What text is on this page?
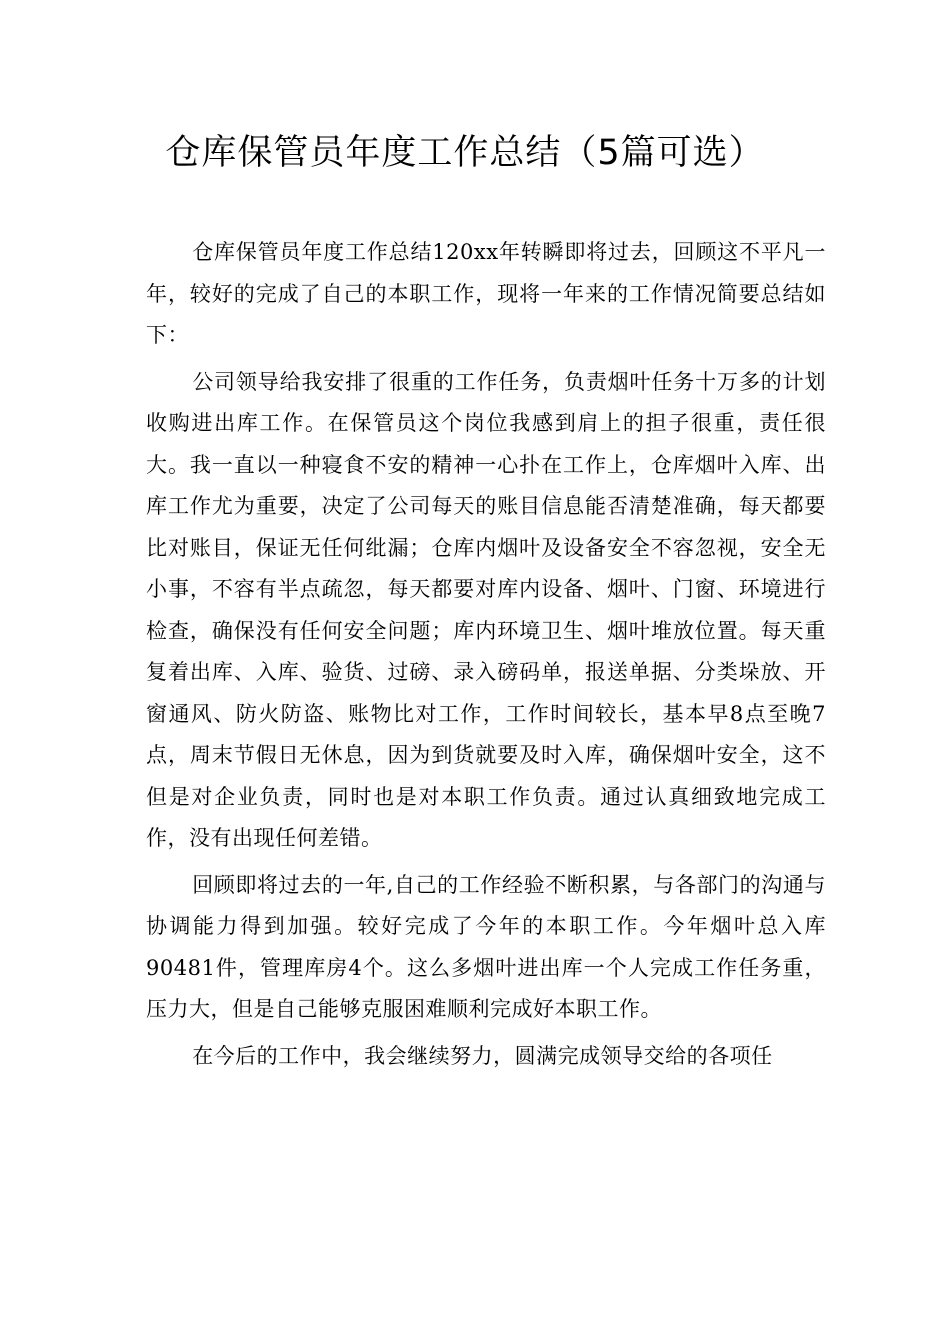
仓库保管员年度工作总结（5篇可选）

仓库保管员年度工作总结120xx年转瞬即将过去，回顾这不平凡一年，较好的完成了自己的本职工作，现将一年来的工作情况简要总结如下：

公司领导给我安排了很重的工作任务，负责烟叶任务十万多的计划收购进出库工作。在保管员这个岗位我感到肩上的担子很重，责任很大。我一直以一种寝食不安的精神一心扑在工作上，仓库烟叶入库、出库工作尤为重要，决定了公司每天的账目信息能否清楚准确，每天都要比对账目，保证无任何纰漏；仓库内烟叶及设备安全不容忽视，安全无小事，不容有半点疏忽，每天都要对库内设备、烟叶、门窗、环境进行检查，确保没有任何安全问题；库内环境卫生、烟叶堆放位置。每天重复着出库、入库、验货、过磅、录入磅码单，报送单据、分类垛放、开窗通风、防火防盗、账物比对工作，工作时间较长，基本早8点至晚7点，周末节假日无休息，因为到货就要及时入库，确保烟叶安全，这不但是对企业负责，同时也是对本职工作负责。通过认真细致地完成工作，没有出现任何差错。

回顾即将过去的一年,自己的工作经验不断积累，与各部门的沟通与协调能力得到加强。较好完成了今年的本职工作。今年烟叶总入库90481件，管理库房4个。这么多烟叶进出库一个人完成工作任务重，压力大，但是自己能够克服困难顺利完成好本职工作。

在今后的工作中，我会继续努力，圆满完成领导交给的各项任
